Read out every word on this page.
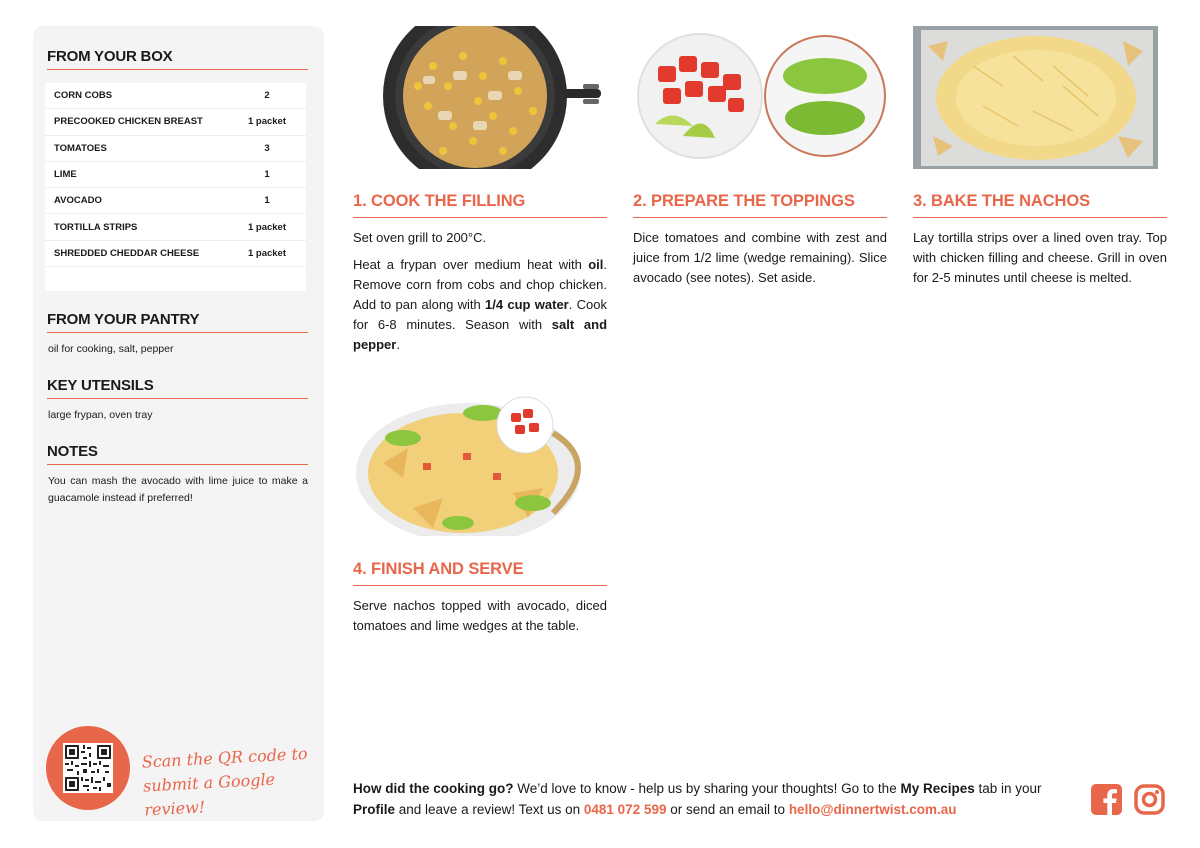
FROM YOUR BOX
CORN COBS	2
PRECOOKED CHICKEN BREAST	1 packet
TOMATOES	3
LIME	1
AVOCADO	1
TORTILLA STRIPS	1 packet
SHREDDED CHEDDAR CHEESE	1 packet
FROM YOUR PANTRY
oil for cooking, salt, pepper
KEY UTENSILS
large frypan, oven tray
NOTES
You can mash the avocado with lime juice to make a guacamole instead if preferred!
Scan the QR code to
submit a Google review!
1. COOK THE FILLING

Set oven grill to 200°C.

Heat a frypan over medium heat with oil. Remove corn from cobs and chop chicken. Add to pan along with 1/4 cup water. Cook for 6-8 minutes. Season with salt and pepper.

2. PREPARE THE TOPPINGS

Dice tomatoes and combine with zest and juice from 1/2 lime (wedge remaining). Slice avocado (see notes). Set aside.

3. BAKE THE NACHOS

Lay tortilla strips over a lined oven tray. Top with chicken filling and cheese. Grill in oven for 2-5 minutes until cheese is melted.

4. FINISH AND SERVE

Serve nachos topped with avocado, diced tomatoes and lime wedges at the table.

How did the cooking go? We’d love to know - help us by sharing your thoughts! Go to the My Recipes tab in your Profile and leave a review! Text us on 0481 072 599 or send an email to hello@dinnertwist.com.au
